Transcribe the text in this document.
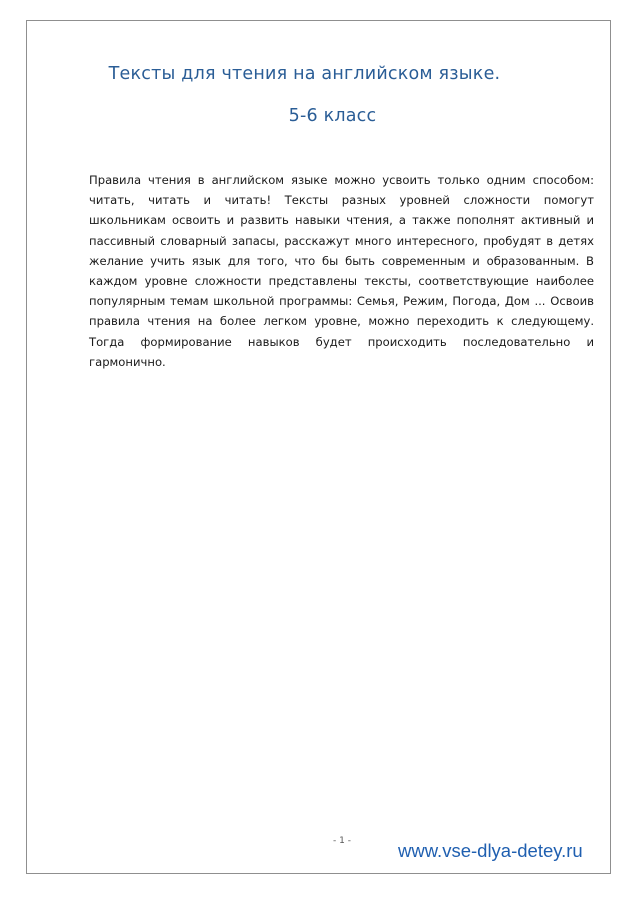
Тексты для чтения на английском языке.
5-6 класс
Правила чтения в английском языке можно усвоить только одним способом: читать, читать и читать! Тексты разных уровней сложности помогут школьникам освоить и развить навыки чтения, а также пополнят активный и пассивный словарный запасы, расскажут много интересного, пробудят в детях желание учить язык для того, что бы быть современным и образованным. В каждом уровне сложности представлены тексты, соответствующие наиболее популярным темам школьной программы: Семья, Режим, Погода, Дом ... Освоив правила чтения на более легком уровне, можно переходить к следующему. Тогда формирование навыков будет происходить последовательно и гармонично.
- 1 -	www.vse-dlya-detey.ru
